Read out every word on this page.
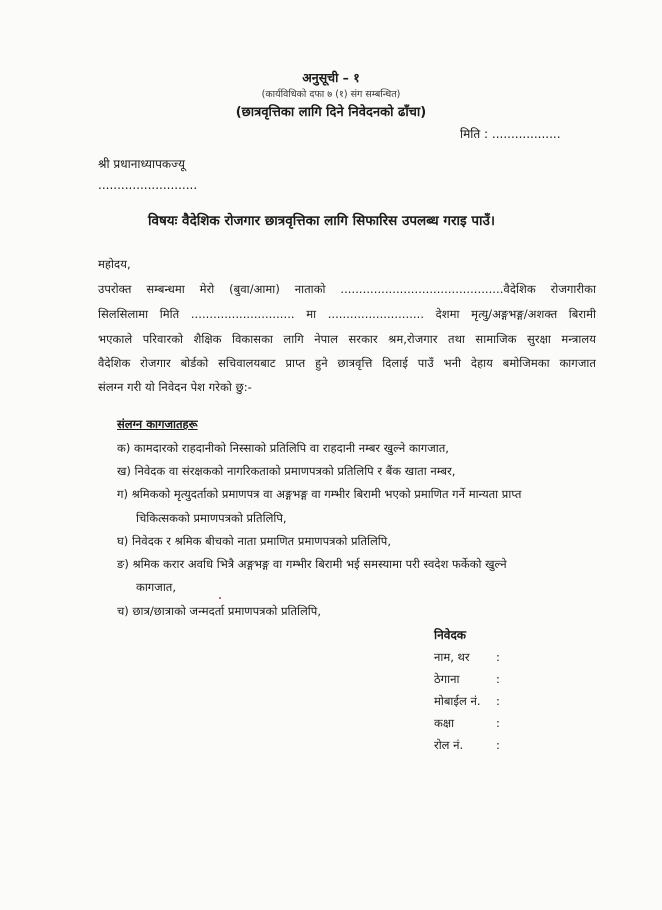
अनुसूची – १
(कार्यविधिको दफा ७ (१) संग सम्बन्धित)
(छात्रवृत्तिका लागि दिने निवेदनको ढाँचा)
मिति : ..................
श्री प्रधानाध्यापकज्यू
..........................
विषयः वैदेशिक रोजगार छात्रवृत्तिका लागि सिफारिस उपलब्ध गराइ पाउँ।
महोदय,
उपरोक्त सम्बन्धमा मेरो (बुवा/आमा) नाताको ............................................वैदेशिक रोजगारीका
सिलसिलामा मिति ............................ मा .......................... देशमा मृत्यु/अङ्गभङ्ग/अशक्त बिरामी
भएकाले परिवारको शैक्षिक विकासका लागि नेपाल सरकार श्रम,रोजगार तथा सामाजिक सुरक्षा मन्त्रालय
वैदेशिक रोजगार बोर्डको सचिवालयबाट प्राप्त हुने छात्रवृत्ति दिलाई पाउँ भनी देहाय बमोजिमका कागजात
संलग्न गरी यो निवेदन पेश गरेको छु:-
संलग्न कागजातहरू
क) कामदारको राहदानीको निस्साको प्रतिलिपि वा राहदानी नम्बर खुल्ने कागजात,
ख) निवेदक वा संरक्षकको नागरिकताको प्रमाणपत्रको प्रतिलिपि र बैंक खाता नम्बर,
ग) श्रमिकको मृत्युदर्ताको प्रमाणपत्र वा अङ्गभङ्ग वा गम्भीर बिरामी भएको प्रमाणित गर्ने मान्यता प्राप्त
चिकित्सकको प्रमाणपत्रको प्रतिलिपि,
घ) निवेदक र श्रमिक बीचको नाता प्रमाणित प्रमाणपत्रको प्रतिलिपि,
ङ) श्रमिक करार अवधि भित्रै अङ्गभङ्ग वा गम्भीर बिरामी भई समस्यामा परी स्वदेश फर्केको खुल्ने
कागजात,
च) छात्र/छात्राको जन्मदर्ता प्रमाणपत्रको प्रतिलिपि,
निवेदक
नाम, थर :
ठेगाना	:
मोबाईल नं. :
कक्षा	:
रोल नं.	:
